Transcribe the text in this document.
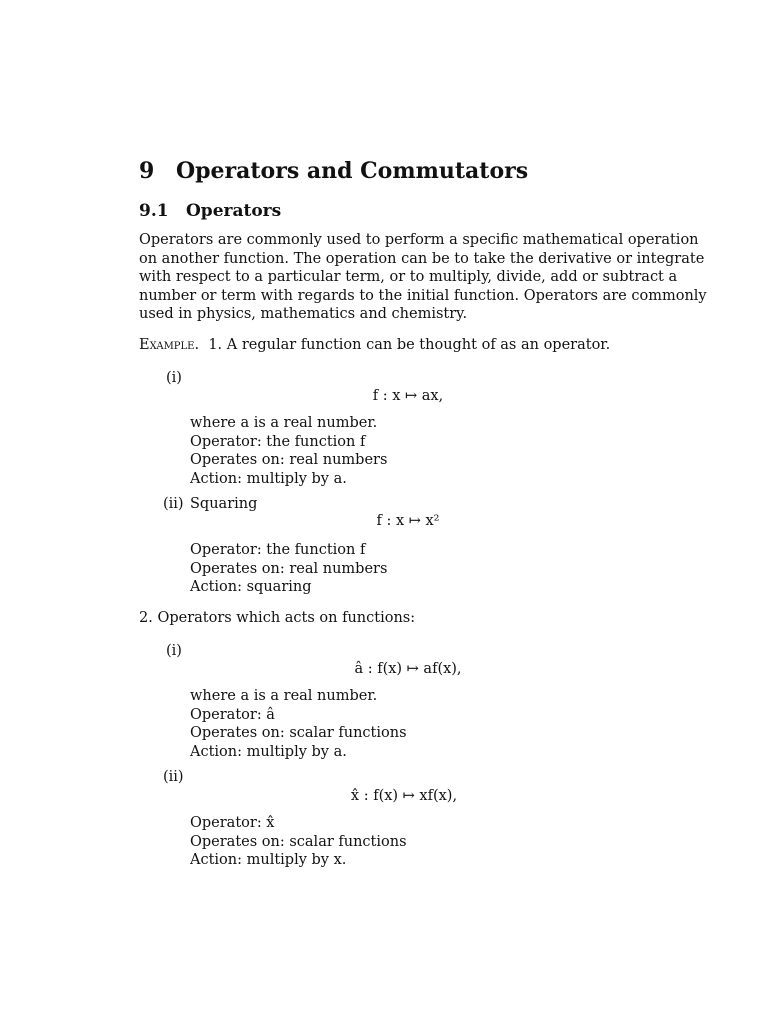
9 Operators and Commutators
9.1 Operators
Operators are commonly used to perform a specific mathematical operation
on another function. The operation can be to take the derivative or integrate
with respect to a particular term, or to multiply, divide, add or subtract a
number or term with regards to the initial function. Operators are commonly
used in physics, mathematics and chemistry.
Example. 1. A regular function can be thought of as an operator.
(i)
f : x ↦ ax,
where a is a real number.
Operator: the function f
Operates on: real numbers
Action: multiply by a.
(ii) Squaring
f : x ↦ x²
Operator: the function f
Operates on: real numbers
Action: squaring
2. Operators which acts on functions:
(i)
â : f(x) ↦ af(x),
where a is a real number.
Operator: â
Operates on: scalar functions
Action: multiply by a.
(ii)
x̂ : f(x) ↦ xf(x),
Operator: x̂
Operates on: scalar functions
Action: multiply by x.
